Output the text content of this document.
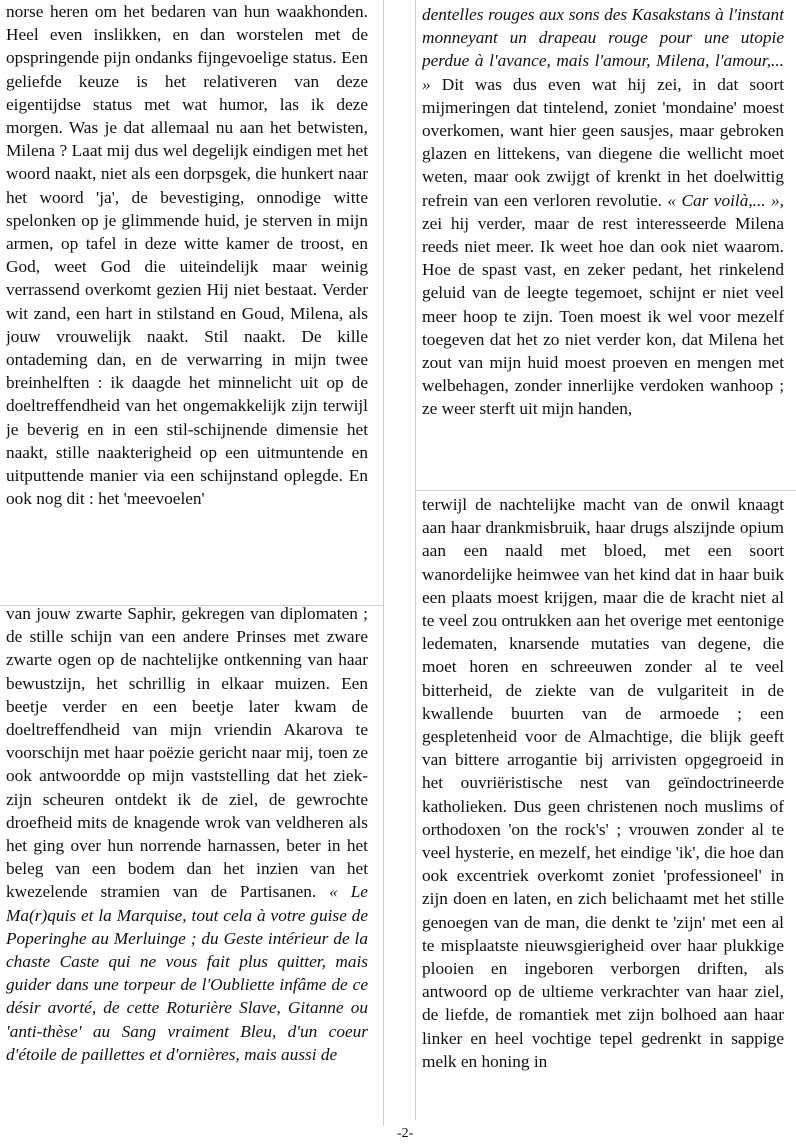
norse heren om het bedaren van hun waakhonden. Heel even inslikken, en dan worstelen met de opspringende pijn ondanks fijngevoelige status. Een geliefde keuze is het relativeren van deze eigentijdse status met wat humor, las ik deze morgen. Was je dat allemaal nu aan het betwisten, Milena ? Laat mij dus wel degelijk eindigen met het woord naakt, niet als een dorpsgek, die hunkert naar het woord 'ja', de bevestiging, onnodige witte spelonken op je glimmende huid, je sterven in mijn armen, op tafel in deze witte kamer de troost, en God, weet God die uiteindelijk maar weinig verrassend overkomt gezien Hij niet bestaat. Verder wit zand, een hart in stilstand en Goud, Milena, als jouw vrouwelijk naakt. Stil naakt. De kille ontademing dan, en de verwarring in mijn twee breinhelften : ik daagde het minnelicht uit op de doeltreffendheid van het ongemakkelijk zijn terwijl je beverig en in een stil-schijnende dimensie het naakt, stille naakterigheid op een uitmuntende en uitputtende manier via een schijnstand oplegde. En ook nog dit : het 'meevoelen'

van jouw zwarte Saphir, gekregen van diplomaten ; de stille schijn van een andere Prinses met zware zwarte ogen op de nachtelijke ontkenning van haar bewustzijn, het schrillig in elkaar muizen. Een beetje verder en een beetje later kwam de doeltreffendheid van mijn vriendin Akarova te voorschijn met haar poëzie gericht naar mij, toen ze ook antwoordde op mijn vaststelling dat het ziek-zijn scheuren ontdekt ik de ziel, de gewrochte droefheid mits de knagende wrok van veldheren als het ging over hun norrende harnassen, beter in het beleg van een bodem dan het inzien van het kwezelende stramien van de Partisanen. « Le Ma(r)quis et la Marquise, tout cela à votre guise de Poperinghe au Merluinge ; du Geste intérieur de la chaste Caste qui ne vous fait plus quitter, mais guider dans une torpeur de l'Oubliette infâme de ce désir avorté, de cette Roturière Slave, Gitanne ou 'anti-thèse' au Sang vraiment Bleu, d'un coeur d'étoile de paillettes et d'ornières, mais aussi de

dentelles rouges aux sons des Kasakstans à l'instant monneyant un drapeau rouge pour une utopie perdue à l'avance, mais l'amour, Milena, l'amour,... » Dit was dus even wat hij zei, in dat soort mijmeringen dat tintelend, zoniet 'mondaine' moest overkomen, want hier geen sausjes, maar gebroken glazen en littekens, van diegene die wellicht moet weten, maar ook zwijgt of krenkt in het doelwittig refrein van een verloren revolutie. « Car voilà,... », zei hij verder, maar de rest interesseerde Milena reeds niet meer. Ik weet hoe dan ook niet waarom. Hoe de spast vast, en zeker pedant, het rinkelend geluid van de leegte tegemoet, schijnt er niet veel meer hoop te zijn. Toen moest ik wel voor mezelf toegeven dat het zo niet verder kon, dat Milena het zout van mijn huid moest proeven en mengen met welbehagen, zonder innerlijke verdoken wanhoop ; ze weer sterft uit mijn handen,

terwijl de nachtelijke macht van de onwil knaagt aan haar drankmisbruik, haar drugs alszijnde opium aan een naald met bloed, met een soort wanordelijke heimwee van het kind dat in haar buik een plaats moest krijgen, maar die de kracht niet al te veel zou ontrukken aan het overige met eentonige ledematen, knarsende mutaties van degene, die moet horen en schreeuwen zonder al te veel bitterheid, de ziekte van de vulgariteit in de kwallende buurten van de armoede ; een gespletenheid voor de Almachtige, die blijk geeft van bittere arrogantie bij arrivisten opgegroeid in het ouvriëristische nest van geïndoctrineerde katholieken. Dus geen christenen noch muslims of orthodoxen 'on the rock's' ; vrouwen zonder al te veel hysterie, en mezelf, het eindige 'ik', die hoe dan ook excentriek overkomt zoniet 'professioneel' in zijn doen en laten, en zich belichaamt met het stille genoegen van de man, die denkt te 'zijn' met een al te misplaatste nieuwsgierigheid over haar plukkige plooien en ingeboren verborgen driften, als antwoord op de ultieme verkrachter van haar ziel, de liefde, de romantiek met zijn bolhoed aan haar linker en heel vochtige tepel gedrenkt in sappige melk en honing in

-2-
